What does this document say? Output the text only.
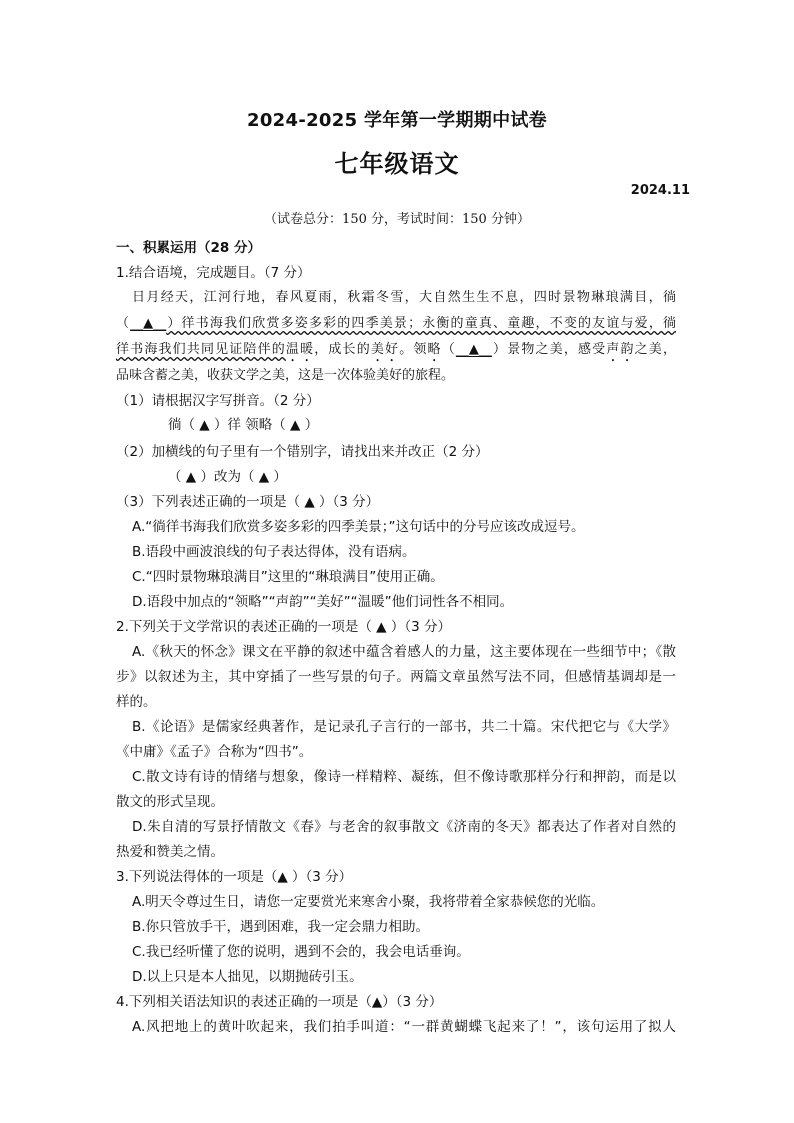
2024-2025 学年第一学期期中试卷
七年级语文
2024.11
（试卷总分：150 分，考试时间：150 分钟）
一、积累运用（28 分）
1.结合语境，完成题目。（7 分）
日月经天，江河行地，春风夏雨，秋霜冬雪，大自然生生不息，四时景物琳琅满目，徜
（__▲__）徉书海我们欣赏多姿多彩的四季美景；永衡的童真、童趣，不变的友谊与爱，徜
徉书海我们共同见证陪伴的温暖，成长的美好。领略（__▲__）景物之美，感受声韵之美，
品味含蓄之美，收获文学之美，这是一次体验美好的旅程。
（1）请根据汉字写拼音。（2 分）
徜（ ▲ ）徉 领略（ ▲ ）
（2）加横线的句子里有一个错别字，请找出来并改正（2 分）
（ ▲ ）改为（ ▲ ）
（3）下列表述正确的一项是（ ▲ ）（3 分）
A.“徜徉书海我们欣赏多姿多彩的四季美景；”这句话中的分号应该改成逗号。
B.语段中画波浪线的句子表达得体，没有语病。
C.“四时景物琳琅满目”这里的“琳琅满目”使用正确。
D.语段中加点的“领略”“声韵”“美好”“温暖”他们词性各不相同。
2.下列关于文学常识的表述正确的一项是（ ▲ ）（3 分）
A.《秋天的怀念》课文在平静的叙述中蕴含着感人的力量，这主要体现在一些细节中；《散
步》以叙述为主，其中穿插了一些写景的句子。两篇文章虽然写法不同，但感情基调却是一
样的。
B.《论语》是儒家经典著作，是记录孔子言行的一部书，共二十篇。宋代把它与《大学》
《中庸》《孟子》合称为“四书”。
C.散文诗有诗的情绪与想象，像诗一样精粹、凝练，但不像诗歌那样分行和押韵，而是以
散文的形式呈现。
D.朱自清的写景抒情散文《春》与老舍的叙事散文《济南的冬天》都表达了作者对自然的
热爱和赞美之情。
3.下列说法得体的一项是（▲ ）（3 分）
A.明天令尊过生日，请您一定要赏光来寒舍小聚，我将带着全家恭候您的光临。
B.你只管放手干，遇到困难，我一定会鼎力相助。
C.我已经听懂了您的说明，遇到不会的，我会电话垂询。
D.以上只是本人拙见，以期抛砖引玉。
4.下列相关语法知识的表述正确的一项是（▲）（3 分）
A.风把地上的黄叶吹起来，我们拍手叫道：“一群黄蝴蝶飞起来了！”，该句运用了拟人
